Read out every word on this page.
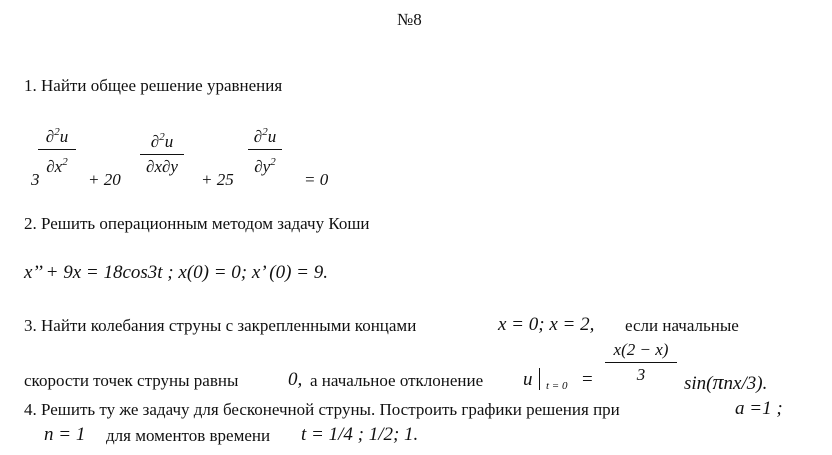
№8
1. Найти общее решение уравнения
3
∂$^2$u
$\partial x^2$
+ 20
∂$^2$u
∂x∂y
+ 25
∂$^2$u
$\partial y^2$
= 0
2. Решить операционным методом задачу Коши
x’’ + 9x = 18cos3t ; x(0) = 0; x’ (0) = 9.
3. Найти колебания струны с закрепленными концами	x = 0; x = 2, если начальные
скорости точек струны равны	0, а начальное отклонение u t = 0 =
x(2 − x)
3	sin(πnx/3).
4. Решить ту же задачу для бесконечной струны. Построить графики решения при	a =1 ;
n = 1 для моментов времени t = 1/4 ; 1/2; 1.
